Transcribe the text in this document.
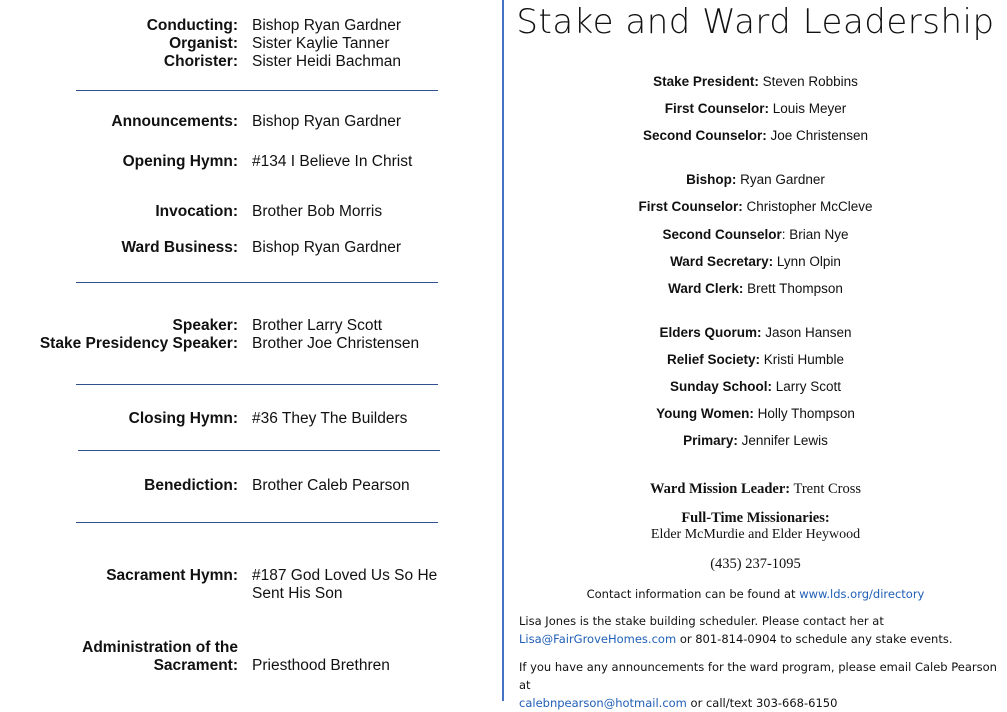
Conducting: Bishop Ryan Gardner
Organist: Sister Kaylie Tanner
Chorister: Sister Heidi Bachman
Announcements: Bishop Ryan Gardner
Opening Hymn: #134 I Believe In Christ
Invocation: Brother Bob Morris
Ward Business: Bishop Ryan Gardner
Speaker: Brother Larry Scott
Stake Presidency Speaker: Brother Joe Christensen
Closing Hymn: #36 They The Builders
Benediction: Brother Caleb Pearson
Sacrament Hymn: #187 God Loved Us So He
Sent His Son
Administration of the
Sacrament: Priesthood Brethren
Stake and Ward Leadership
Stake President: Steven Robbins
First Counselor: Louis Meyer
Second Counselor: Joe Christensen
Bishop: Ryan Gardner
First Counselor: Christopher McCleve
Second Counselor: Brian Nye
Ward Secretary: Lynn Olpin
Ward Clerk: Brett Thompson
Elders Quorum: Jason Hansen
Relief Society: Kristi Humble
Sunday School: Larry Scott
Young Women: Holly Thompson
Primary: Jennifer Lewis
Ward Mission Leader: Trent Cross
Full-Time Missionaries:
Elder McMurdie and Elder Heywood
(435) 237-1095
Contact information can be found at www.lds.org/directory
Lisa Jones is the stake building scheduler. Please contact her at
Lisa@FairGroveHomes.com or 801-814-0904 to schedule any stake events.
If you have any announcements for the ward program, please email Caleb Pearson at
calebnpearson@hotmail.com or call/text 303-668-6150
